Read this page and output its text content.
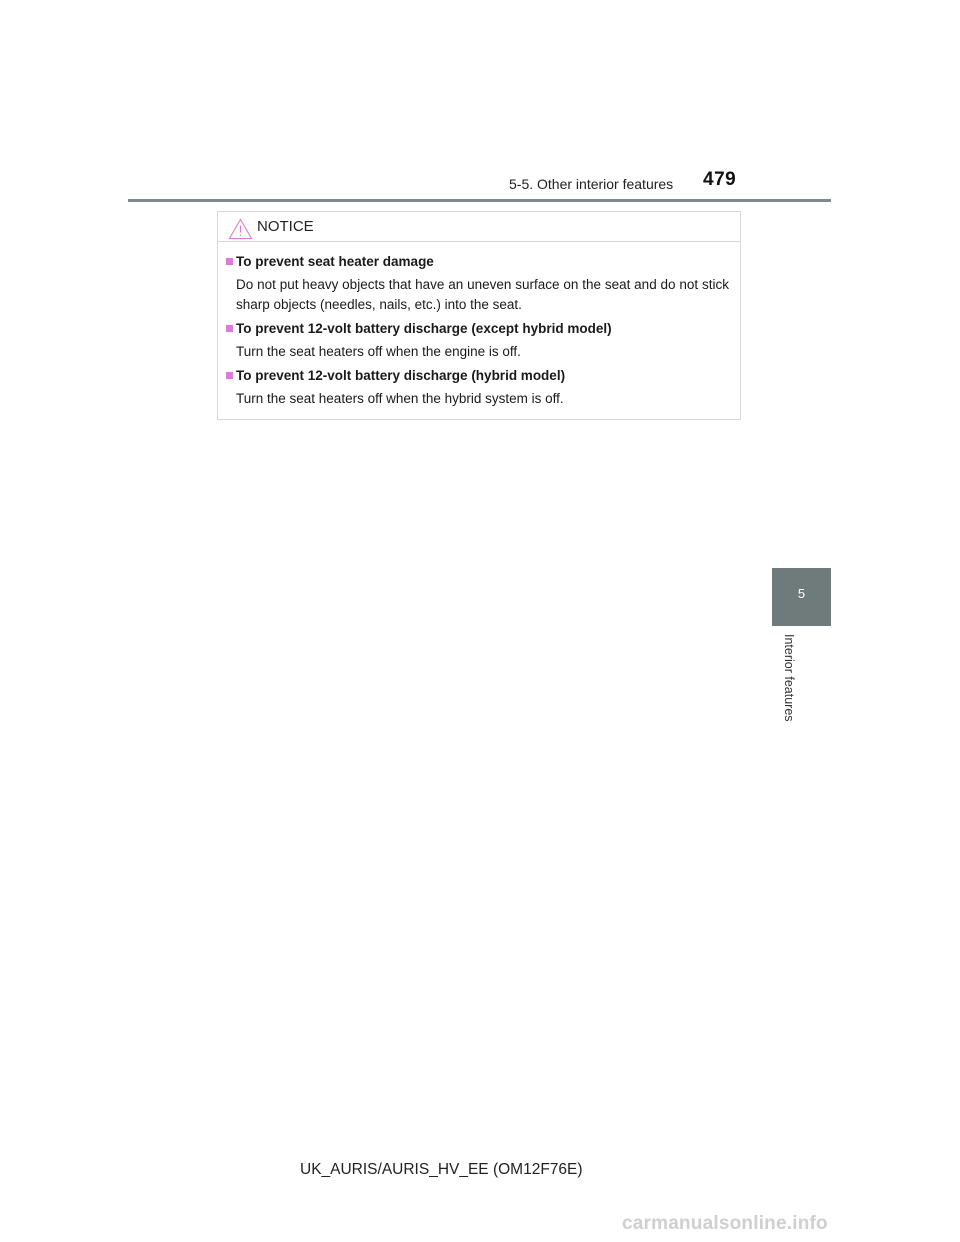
5-5. Other interior features 479
NOTICE
To prevent seat heater damage
Do not put heavy objects that have an uneven surface on the seat and do not stick sharp objects (needles, nails, etc.) into the seat.
To prevent 12-volt battery discharge (except hybrid model)
Turn the seat heaters off when the engine is off.
To prevent 12-volt battery discharge (hybrid model)
Turn the seat heaters off when the hybrid system is off.
5
Interior features
UK_AURIS/AURIS_HV_EE (OM12F76E)
carmanualsonline.info
